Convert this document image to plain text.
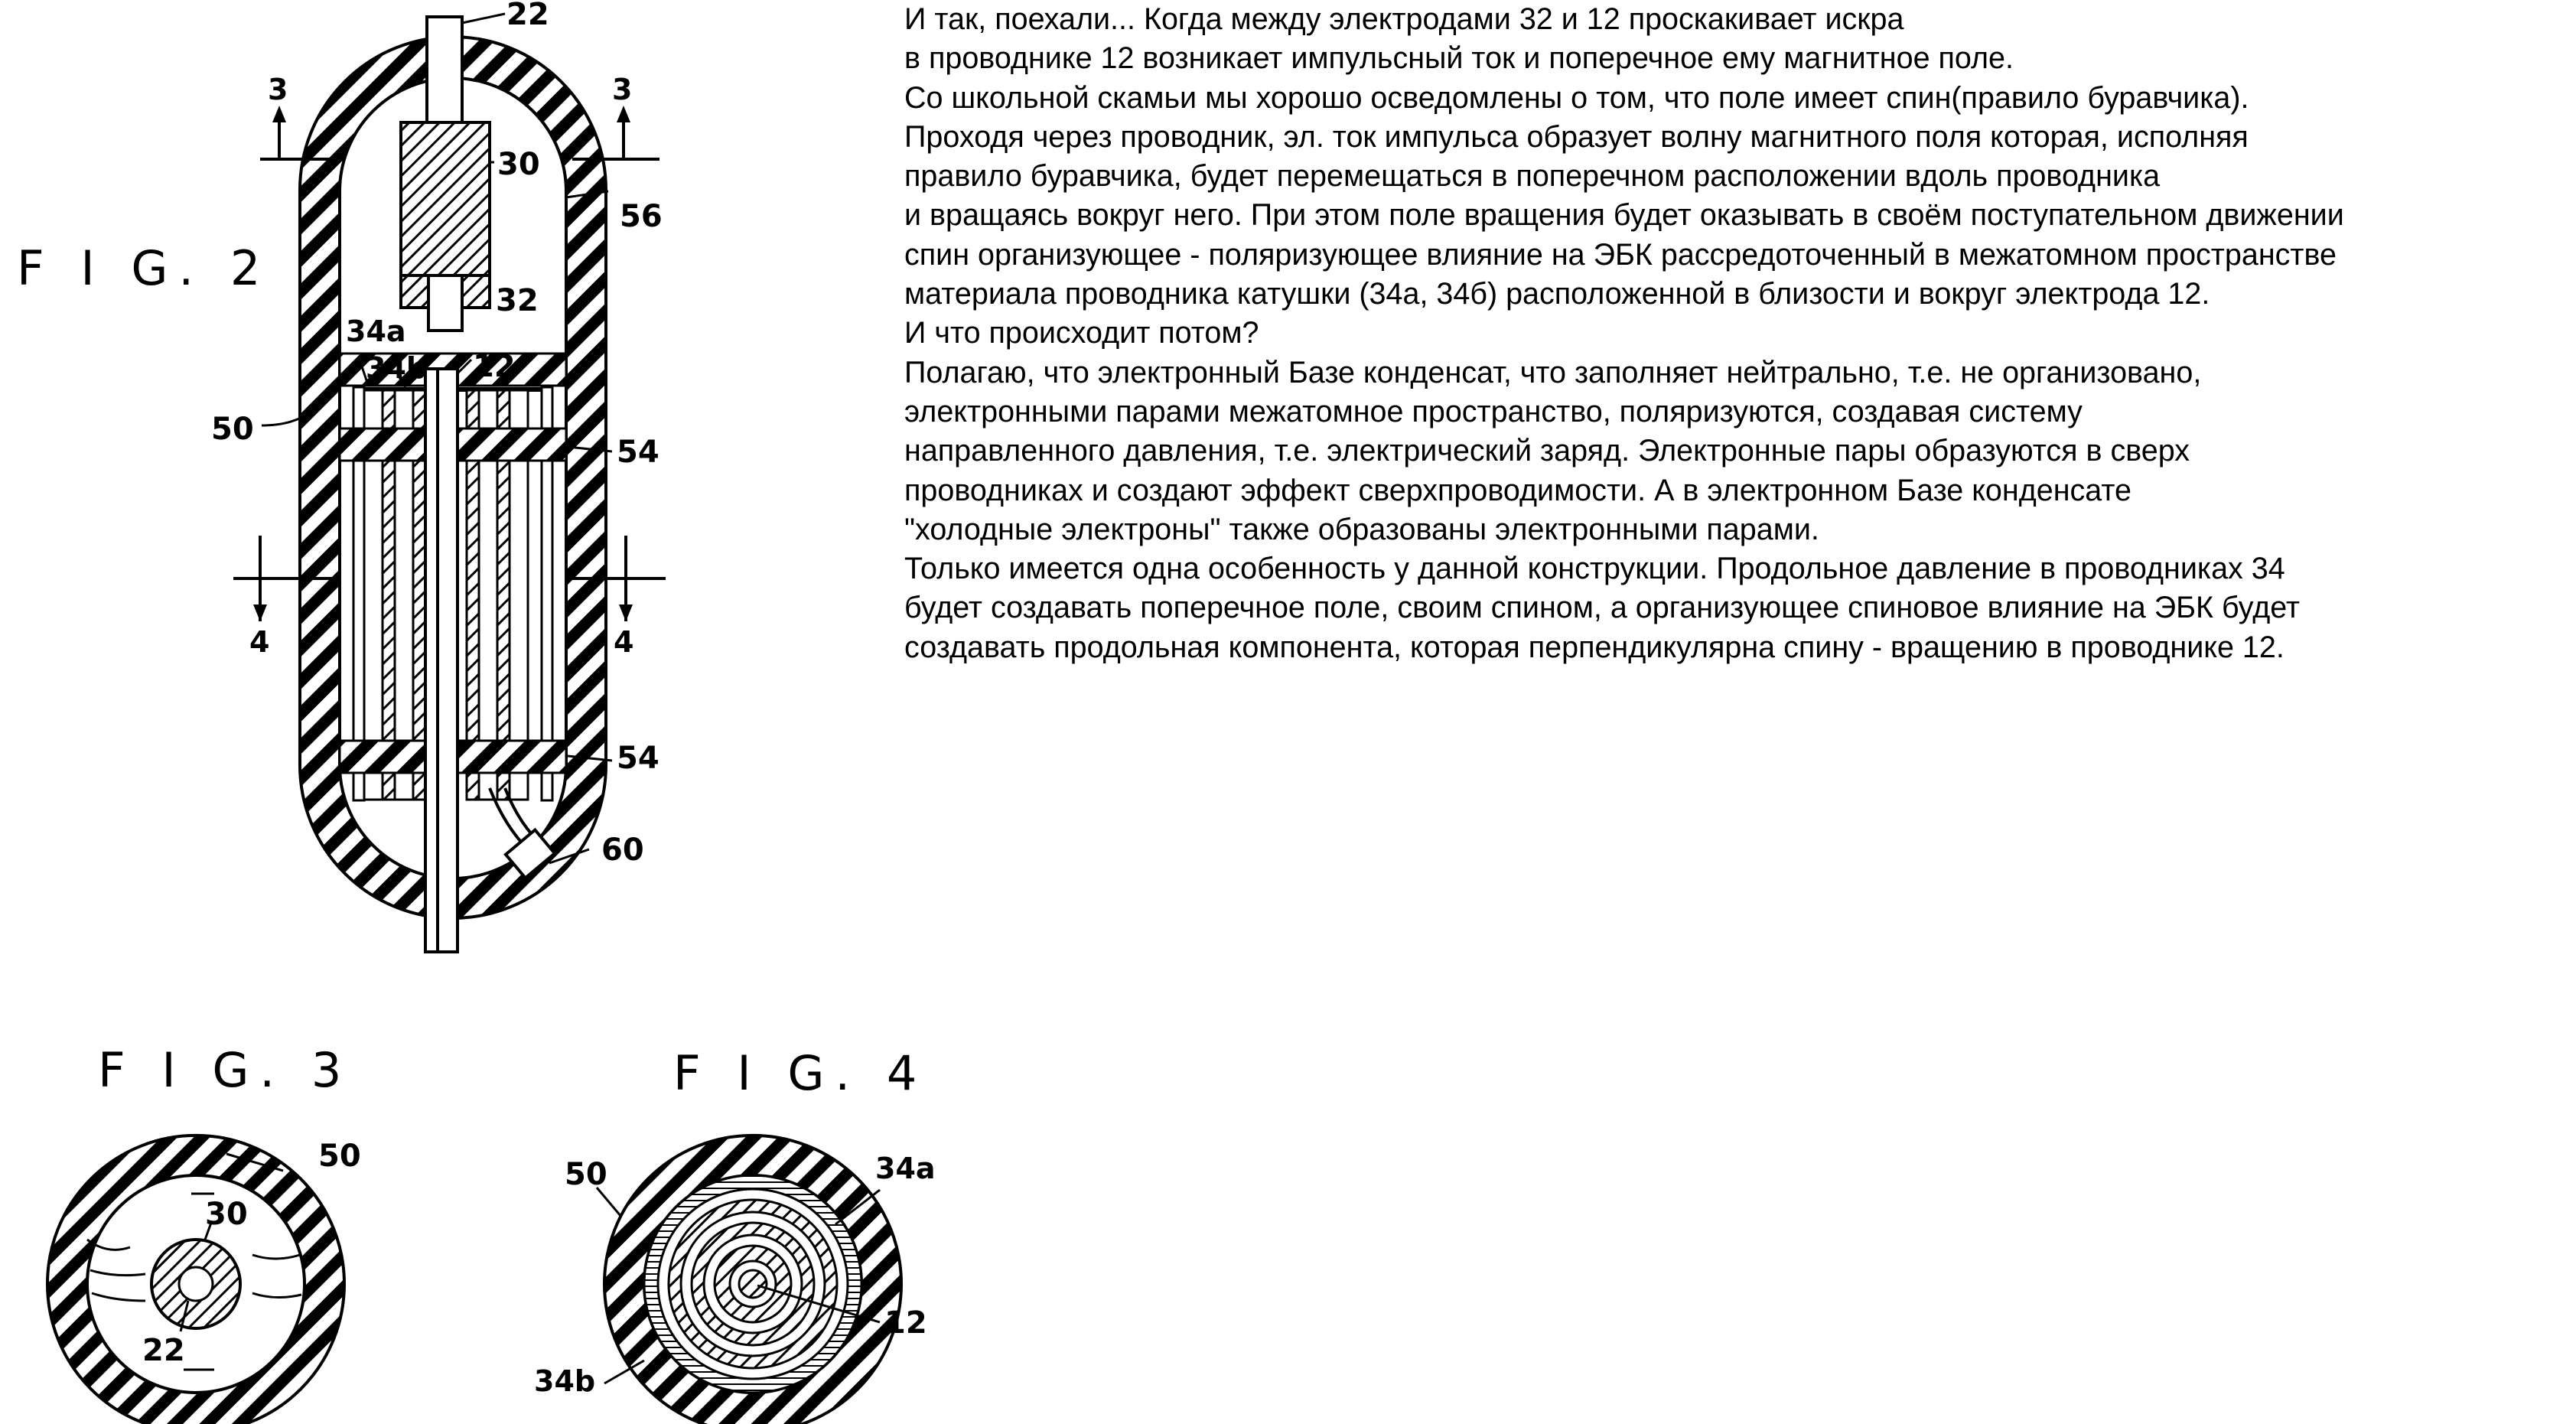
F I G. 2
22
30
56
32
12
34a
34b
50
54
54
60
3	3
4	4
F I G. 3
50
30
22
F I G. 4
50	34a
12
34b
И так, поехали... Когда между электродами 32 и 12 проскакивает искра
в проводнике 12 возникает импульсный ток и поперечное ему магнитное поле.
Со школьной скамьи мы хорошо осведомлены о том, что поле имеет спин(правило буравчика).
Проходя через проводник, эл. ток импульса образует волну магнитного поля которая, исполняя
правило буравчика, будет перемещаться в поперечном расположении вдоль проводника
и вращаясь вокруг него. При этом поле вращения будет оказывать в своём поступательном движении
спин организующее - поляризующее влияние на ЭБК рассредоточенный в межатомном пространстве
материала проводника катушки (34а, 34б) расположенной в близости и вокруг электрода 12.
И что происходит потом?
Полагаю, что электронный Базе конденсат, что заполняет нейтрально, т.е. не организовано,
электронными парами межатомное пространство, поляризуются, создавая систему
направленного давления, т.е. электрический заряд. Электронные пары образуются в сверх
проводниках и создают эффект сверхпроводимости. А в электронном Базе конденсате
"холодные электроны" также образованы электронными парами.
Только имеется одна особенность у данной конструкции. Продольное давление в проводниках 34
будет создавать поперечное поле, своим спином, а организующее спиновое влияние на ЭБК будет
создавать продольная компонента, которая перпендикулярна спину - вращению в проводнике 12.
